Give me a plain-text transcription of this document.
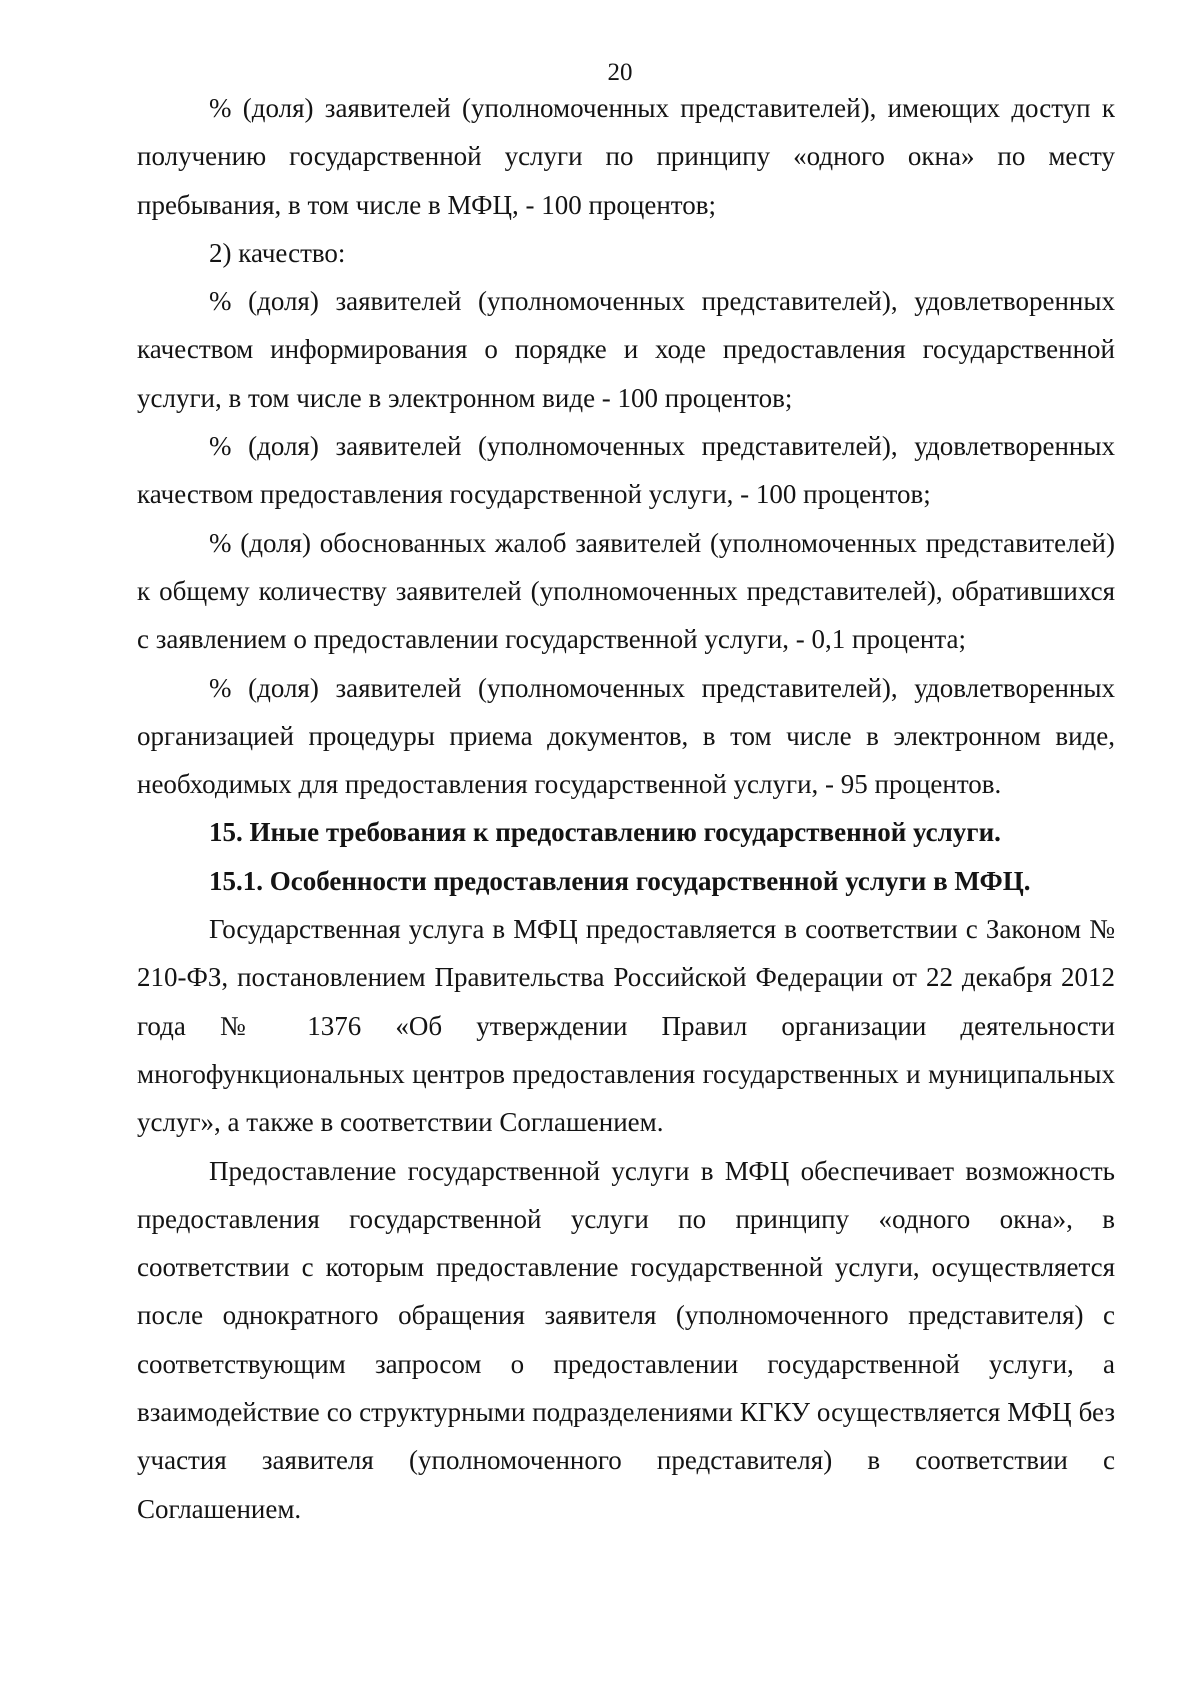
20

% (доля) заявителей (уполномоченных представителей), имеющих доступ к получению государственной услуги по принципу «одного окна» по месту пребывания, в том числе в МФЦ, - 100 процентов;

2) качество:

% (доля) заявителей (уполномоченных представителей), удовлетворенных качеством информирования о порядке и ходе предоставления государственной услуги, в том числе в электронном виде - 100 процентов;

% (доля) заявителей (уполномоченных представителей), удовлетворенных качеством предоставления государственной услуги, - 100 процентов;

% (доля) обоснованных жалоб заявителей (уполномоченных представителей) к общему количеству заявителей (уполномоченных представителей), обратившихся с заявлением о предоставлении государственной услуги, - 0,1 процента;

% (доля) заявителей (уполномоченных представителей), удовлетворенных организацией процедуры приема документов, в том числе в электронном виде, необходимых для предоставления государственной услуги, - 95 процентов.

15. Иные требования к предоставлению государственной услуги.

15.1. Особенности предоставления государственной услуги в МФЦ.

Государственная услуга в МФЦ предоставляется в соответствии с Законом № 210-ФЗ, постановлением Правительства Российской Федерации от 22 декабря 2012 года № 1376 «Об утверждении Правил организации деятельности многофункциональных центров предоставления государственных и муниципальных услуг», а также в соответствии Соглашением.

Предоставление государственной услуги в МФЦ обеспечивает возможность предоставления государственной услуги по принципу «одного окна», в соответствии с которым предоставление государственной услуги, осуществляется после однократного обращения заявителя (уполномоченного представителя) с соответствующим запросом о предоставлении государственной услуги, а взаимодействие со структурными подразделениями КГКУ осуществляется МФЦ без участия заявителя (уполномоченного представителя) в соответствии с Соглашением.
